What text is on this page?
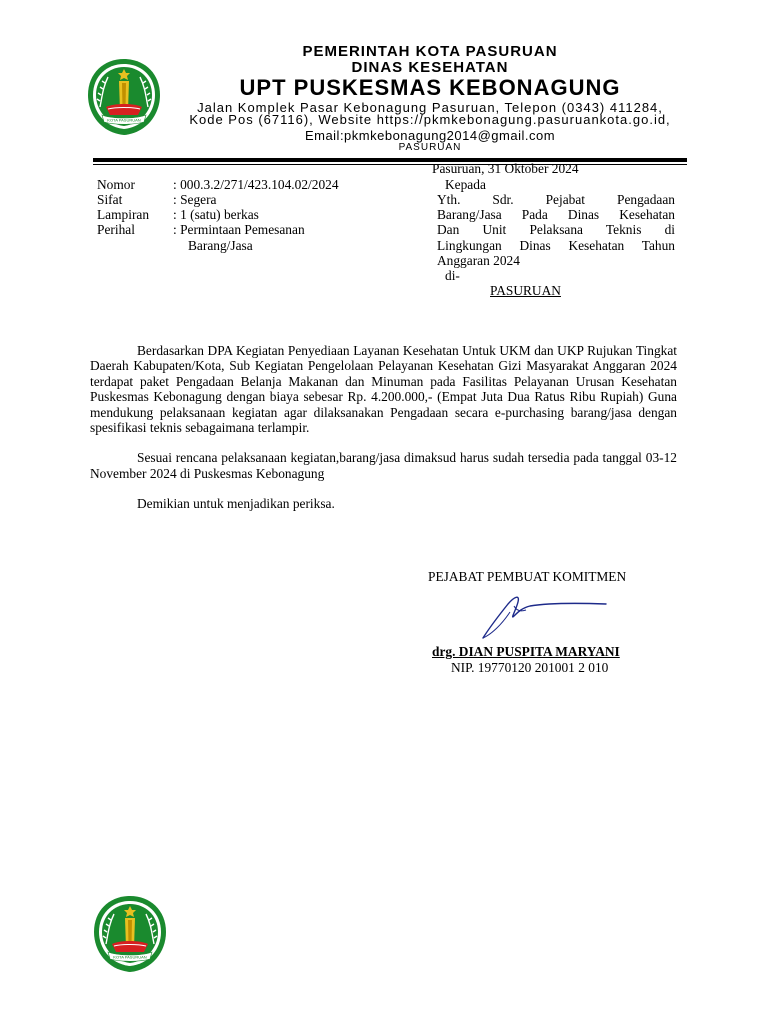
KOTA PASURUAN
PEMERINTAH KOTA PASURUAN
DINAS KESEHATAN
UPT PUSKESMAS KEBONAGUNG
Jalan Komplek Pasar Kebonagung Pasuruan, Telepon (0343) 411284,
Kode Pos (67116), Website https://pkmkebonagung.pasuruankota.go.id,
Email:pkmkebonagung2014@gmail.com
PASURUAN
Pasuruan, 31 Oktober 2024
Nomor	: 000.3.2/271/423.104.02/2024
Sifat	: Segera
Lampiran : 1 (satu) berkas
Perihal	: Permintaan Pemesanan
Barang/Jasa
Kepada
Yth. Sdr. Pejabat Pengadaan
Barang/Jasa Pada Dinas Kesehatan
Dan Unit Pelaksana Teknis di
Lingkungan Dinas Kesehatan Tahun
Anggaran 2024
di-
PASURUAN

Berdasarkan DPA Kegiatan Penyediaan Layanan Kesehatan Untuk UKM dan UKP Rujukan Tingkat Daerah Kabupaten/Kota, Sub Kegiatan Pengelolaan Pelayanan Kesehatan Gizi Masyarakat Anggaran 2024 terdapat paket Pengadaan Belanja Makanan dan Minuman pada Fasilitas Pelayanan Urusan Kesehatan Puskesmas Kebonagung dengan biaya sebesar Rp. 4.200.000,- (Empat Juta Dua Ratus Ribu Rupiah) Guna mendukung pelaksanaan kegiatan agar dilaksanakan Pengadaan secara e-purchasing barang/jasa dengan spesifikasi teknis sebagaimana terlampir.

Sesuai rencana pelaksanaan kegiatan,barang/jasa dimaksud harus sudah tersedia pada tanggal 03-12 November 2024 di Puskesmas Kebonagung

Demikian untuk menjadikan periksa.

PEJABAT PEMBUAT KOMITMEN
drg. DIAN PUSPITA MARYANI
NIP. 19770120 201001 2 010
KOTA PASURUAN
